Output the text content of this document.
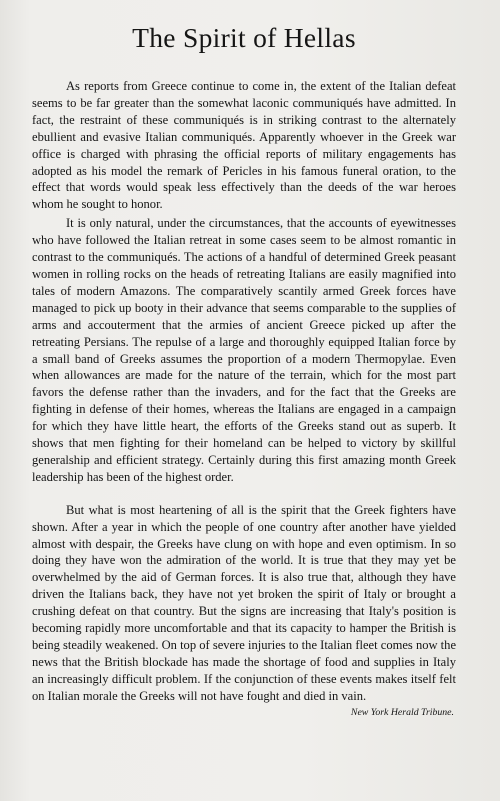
The Spirit of Hellas

As reports from Greece continue to come in, the extent of the Italian defeat seems to be far greater than the somewhat laconic communiqués have admitted. In fact, the restraint of these communiqués is in striking contrast to the alternately ebullient and evasive Italian communiqués. Apparently whoever in the Greek war office is charged with phrasing the official reports of military engagements has adopted as his model the remark of Pericles in his famous funeral oration, to the effect that words would speak less effectively than the deeds of the war heroes whom he sought to honor.

It is only natural, under the circumstances, that the accounts of eyewitnesses who have followed the Italian retreat in some cases seem to be almost romantic in contrast to the communiqués. The actions of a handful of determined Greek peasant women in rolling rocks on the heads of retreating Italians are easily magnified into tales of modern Amazons. The comparatively scantily armed Greek forces have managed to pick up booty in their advance that seems comparable to the supplies of arms and accouterment that the armies of ancient Greece picked up after the retreating Persians. The repulse of a large and thoroughly equipped Italian force by a small band of Greeks assumes the proportion of a modern Thermopylae. Even when allowances are made for the nature of the terrain, which for the most part favors the defense rather than the invaders, and for the fact that the Greeks are fighting in defense of their homes, whereas the Italians are engaged in a campaign for which they have little heart, the efforts of the Greeks stand out as superb. It shows that men fighting for their homeland can be helped to victory by skillful generalship and efficient strategy. Certainly during this first amazing month Greek leadership has been of the highest order.

But what is most heartening of all is the spirit that the Greek fighters have shown. After a year in which the people of one country after another have yielded almost with despair, the Greeks have clung on with hope and even optimism. In so doing they have won the admiration of the world. It is true that they may yet be overwhelmed by the aid of German forces. It is also true that, although they have driven the Italians back, they have not yet broken the spirit of Italy or brought a crushing defeat on that country. But the signs are increasing that Italy's position is becoming rapidly more uncomfortable and that its capacity to hamper the British is being steadily weakened. On top of severe injuries to the Italian fleet comes now the news that the British blockade has made the shortage of food and supplies in Italy an increasingly difficult problem. If the conjunction of these events makes itself felt on Italian morale the Greeks will not have fought and died in vain.

New York Herald Tribune.
